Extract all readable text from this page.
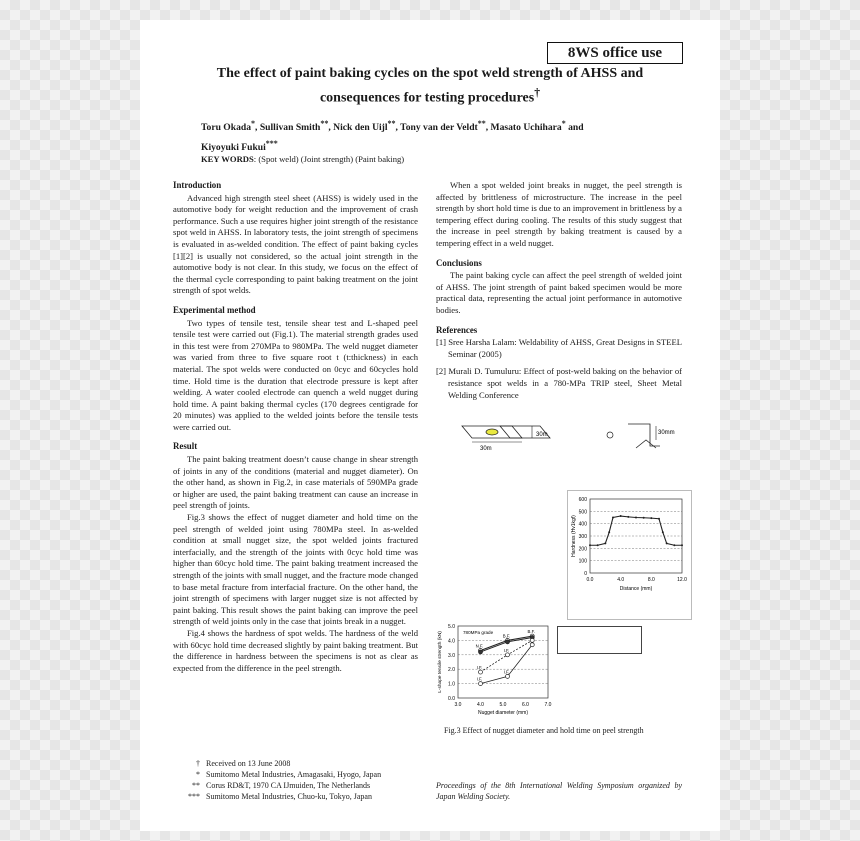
8WS office use
The effect of paint baking cycles on the spot weld strength of AHSS and
consequences for testing procedures†
Toru Okada*, Sullivan Smith**, Nick den Uijl**, Tony van der Veldt**, Masato Uchihara* and
Kiyoyuki Fukui***
KEY WORDS: (Spot weld) (Joint strength) (Paint baking)
Introduction

Advanced high strength steel sheet (AHSS) is widely used in the automotive body for weight reduction and the improvement of crash performance. Such a use requires higher joint strength of the resistance spot weld in AHSS. In laboratory tests, the joint strength of specimens is evaluated in as-welded condition. The effect of paint baking cycles [1][2] is usually not considered, so the actual joint strength in the automotive body is not clear. In this study, we focus on the effect of the thermal cycle corresponding to paint baking treatment on the joint strength of spot welds.

Experimental method

Two types of tensile test, tensile shear test and L-shaped peel tensile test were carried out (Fig.1). The material strength grades used in this test were from 270MPa to 980MPa. The weld nugget diameter was varied from three to five square root t (t:thickness) in each material. The spot welds were conducted on 0cyc and 60cycles hold time. Hold time is the duration that electrode pressure is kept after welding. A water cooled electrode can quench a weld nugget during hold time. A paint baking thermal cycles (170 degrees centigrade for 20 minutes) was applied to the welded joints before the tensile tests were carried out.

Result

The paint baking treatment doesn’t cause change in shear strength of joints in any of the conditions (material and nugget diameter). On the other hand, as shown in Fig.2, in case materials of 590MPa grade or higher are used, the paint baking treatment can cause an increase in peel strength of joints.

Fig.3 shows the effect of nugget diameter and hold time on the peel strength of welded joint using 780MPa steel. In as-welded condition at small nugget size, the spot welded joints fractured interfacially, and the strength of the joints with 0cyc hold time was higher than 60cyc hold time. The paint baking treatment increased the strength of the joints with small nugget, and the fracture mode changed to base metal fracture from interfacial fracture. On the other hand, the joint strength of specimens with larger nugget size is not affected by paint baking. This result shows the paint baking can improve the peel strength of weld joints only in the case that joints break in a nugget.

Fig.4 shows the hardness of spot welds. The hardness of the weld with 60cyc hold time decreased slightly by paint baking treatment. But the difference in hardness between the specimens is not as clear as expected from the difference in the peel strength.

When a spot welded joint breaks in nugget, the peel strength is affected by brittleness of microstructure. The increase in the peel strength by short hold time is due to an improvement in brittleness by a tempering effect during cooling. The results of this study suggest that the increase in peel strength by baking treatment is caused by a tempering effect in a weld nugget.

Conclusions

The paint baking cycle can affect the peel strength of welded joint of AHSS. The joint strength of paint baked specimen would be more practical data, representing the actual joint performance in automotive bodies.

References
[1] Sree Harsha Lalam: Weldability of AHSS, Great Designs in STEEL Seminar (2005)
[2] Murali D. Tumuluru: Effect of post-weld baking on the behavior of resistance spot welds in a 780-MPa TRIP steel, Sheet Metal Welding Conference
30m
30m	30mm
0
100
200
300
400
500
600
0.0	4.0	8.0	12.0
Distance (mm)
Hardness (Hv1kgf)
0.0
1.0
2.0
3.0
4.0
5.0
3.0	4.0	5.0	6.0	7.0
N.F.
B.F.
B.F.
I.F.
I.F.
I.F.
I.F.
780MPa grade
Nugget diameter (mm)
L-shape tensile strength (kN)
Fig.3 Effect of nugget diameter and hold time on peel strength
† Received on 13 June 2008
* Sumitomo Metal Industries, Amagasaki, Hyogo, Japan
** Corus RD&T, 1970 CA IJmuiden, The Netherlands
*** Sumitomo Metal Industries, Chuo-ku, Tokyo, Japan
Proceedings of the 8th International Welding Symposium organized by Japan Welding Society.
